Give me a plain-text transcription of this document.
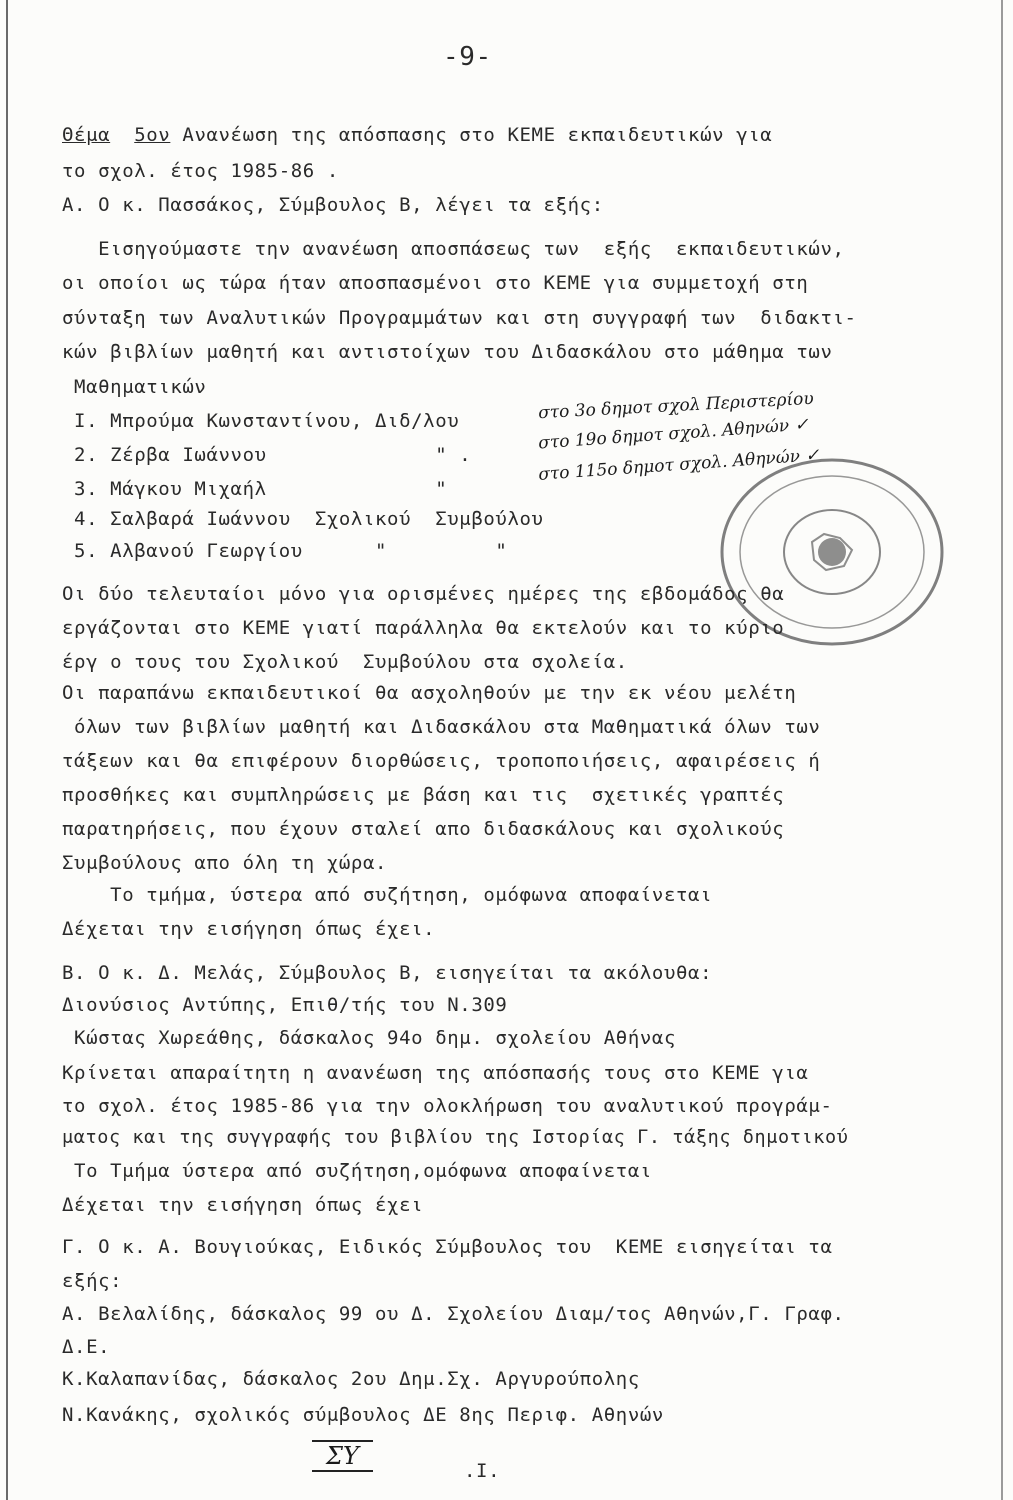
-9-
Θέμα 5ον Ανανέωση της απόσπασης στο ΚΕΜΕ εκπαιδευτικών για
το σχολ. έτος 1985-86 .
Α. Ο κ. Πασσάκος, Σύμβουλος Β, λέγει τα εξής:
Εισηγούμαστε την ανανέωση αποσπάσεως των  εξής  εκπαιδευτικών,
οι οποίοι ως τώρα ήταν αποσπασμένοι στο ΚΕΜΕ για συμμετοχή στη
σύνταξη των Αναλυτικών Προγραμμάτων και στη συγγραφή των  διδακτι-
κών βιβλίων μαθητή και αντιστοίχων του Διδασκάλου στο μάθημα των
Μαθηματικών
Ι. Μπρούμα Κωνσταντίνου, Διδ/λου
2. Ζέρβα Ιωάννου              " .
3. Μάγκου Μιχαήλ              "
4. Σαλβαρά Ιωάννου  Σχολικού  Συμβούλου
5. Αλβανού Γεωργίου      "         "
στο 3ο δημοτ σχολ Περιστερίου
στο 19ο δημοτ σχολ. Αθηνών ✓
στο 115ο δημοτ σχολ. Αθηνών ✓
Οι δύο τελευταίοι μόνο για ορισμένες ημέρες της εβδομάδος θα
εργάζονται στο ΚΕΜΕ γιατί παράλληλα θα εκτελούν και το κύριο
έργ ο τους του Σχολικού  Συμβούλου στα σχολεία.
Οι παραπάνω εκπαιδευτικοί θα ασχοληθούν με την εκ νέου μελέτη
όλων των βιβλίων μαθητή και Διδασκάλου στα Μαθηματικά όλων των
τάξεων και θα επιφέρουν διορθώσεις, τροποποιήσεις, αφαιρέσεις ή
προσθήκες και συμπληρώσεις με βάση και τις  σχετικές γραπτές
παρατηρήσεις, που έχουν σταλεί απο διδασκάλους και σχολικούς
Συμβούλους απο όλη τη χώρα.
Το τμήμα, ύστερα από συζήτηση, ομόφωνα αποφαίνεται
Δέχεται την εισήγηση όπως έχει.
Β. Ο κ. Δ. Μελάς, Σύμβουλος Β, εισηγείται τα ακόλουθα:
Διονύσιος Αντύπης, Επιθ/τής του Ν.309
Κώστας Χωρεάθης, δάσκαλος 94ο δημ. σχολείου Αθήνας
Κρίνεται απαραίτητη η ανανέωση της απόσπασής τους στο ΚΕΜΕ για
το σχολ. έτος 1985-86 για την ολοκλήρωση του αναλυτικού προγράμ-
ματος και της συγγραφής του βιβλίου της Ιστορίας Γ. τάξης δημοτικού
Το Τμήμα ύστερα από συζήτηση,ομόφωνα αποφαίνεται
Δέχεται την εισήγηση όπως έχει
Γ. Ο κ. Α. Βουγιούκας, Ειδικός Σύμβουλος του  ΚΕΜΕ εισηγείται τα
εξής:
Α. Βελαλίδης, δάσκαλος 99 ου Δ. Σχολείου Διαμ/τος Αθηνών,Γ. Γραφ.
Δ.Ε.
Κ.Καλαπανίδας, δάσκαλος 2ου Δημ.Σχ. Αργυρούπολης
Ν.Κανάκης, σχολικός σύμβουλος ΔΕ 8ης Περιφ. Αθηνών
ΣΥ
.Ι.
